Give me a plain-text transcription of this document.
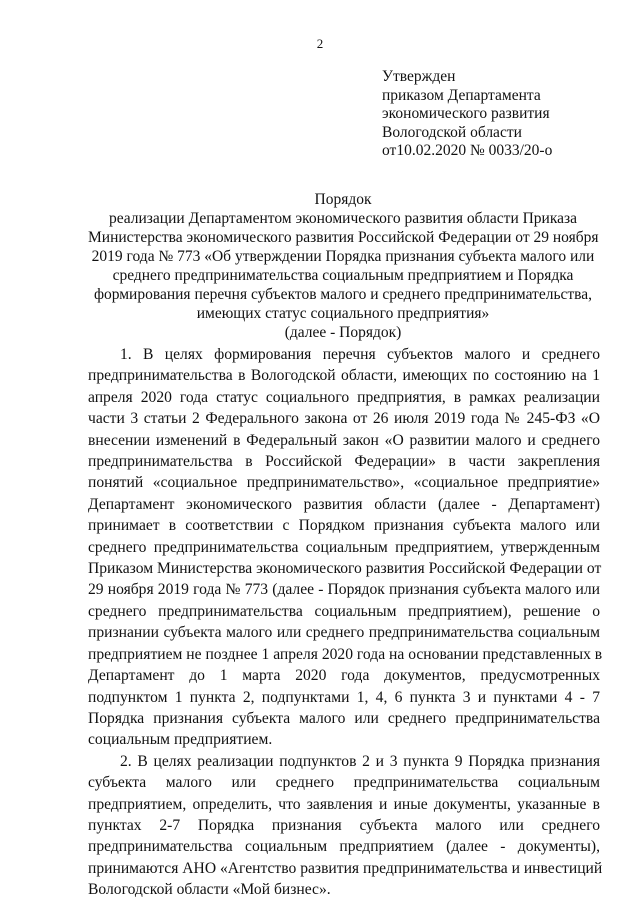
2
Утвержден
приказом Департамента
экономического развития
Вологодской области
от10.02.2020 № 0033/20-о
Порядок
реализации Департаментом экономического развития области Приказа
Министерства экономического развития Российской Федерации от 29 ноября
2019 года № 773 «Об утверждении Порядка признания субъекта малого или
среднего предпринимательства социальным предприятием и Порядка
формирования перечня субъектов малого и среднего предпринимательства,
имеющих статус социального предприятия»
(далее - Порядок)
1. В целях формирования перечня субъектов малого и среднего
предпринимательства в Вологодской области, имеющих по состоянию на 1
апреля 2020 года статус социального предприятия, в рамках реализации
части 3 статьи 2 Федерального закона от 26 июля 2019 года № 245-ФЗ «О
внесении изменений в Федеральный закон «О развитии малого и среднего
предпринимательства в Российской Федерации» в части закрепления
понятий «социальное предпринимательство», «социальное предприятие»
Департамент экономического развития области (далее - Департамент)
принимает в соответствии с Порядком признания субъекта малого или
среднего предпринимательства социальным предприятием, утвержденным
Приказом Министерства экономического развития Российской Федерации от
29 ноября 2019 года № 773 (далее - Порядок признания субъекта малого или
среднего предпринимательства социальным предприятием), решение о
признании субъекта малого или среднего предпринимательства социальным
предприятием не позднее 1 апреля 2020 года на основании представленных в
Департамент до 1 марта 2020 года документов, предусмотренных
подпунктом 1 пункта 2, подпунктами 1, 4, 6 пункта 3 и пунктами 4 - 7
Порядка признания субъекта малого или среднего предпринимательства
социальным предприятием.
2. В целях реализации подпунктов 2 и 3 пункта 9 Порядка признания
субъекта малого или среднего предпринимательства социальным
предприятием, определить, что заявления и иные документы, указанные в
пунктах 2-7 Порядка признания субъекта малого или среднего
предпринимательства социальным предприятием (далее - документы),
принимаются АНО «Агентство развития предпринимательства и инвестиций
Вологодской области «Мой бизнес».
